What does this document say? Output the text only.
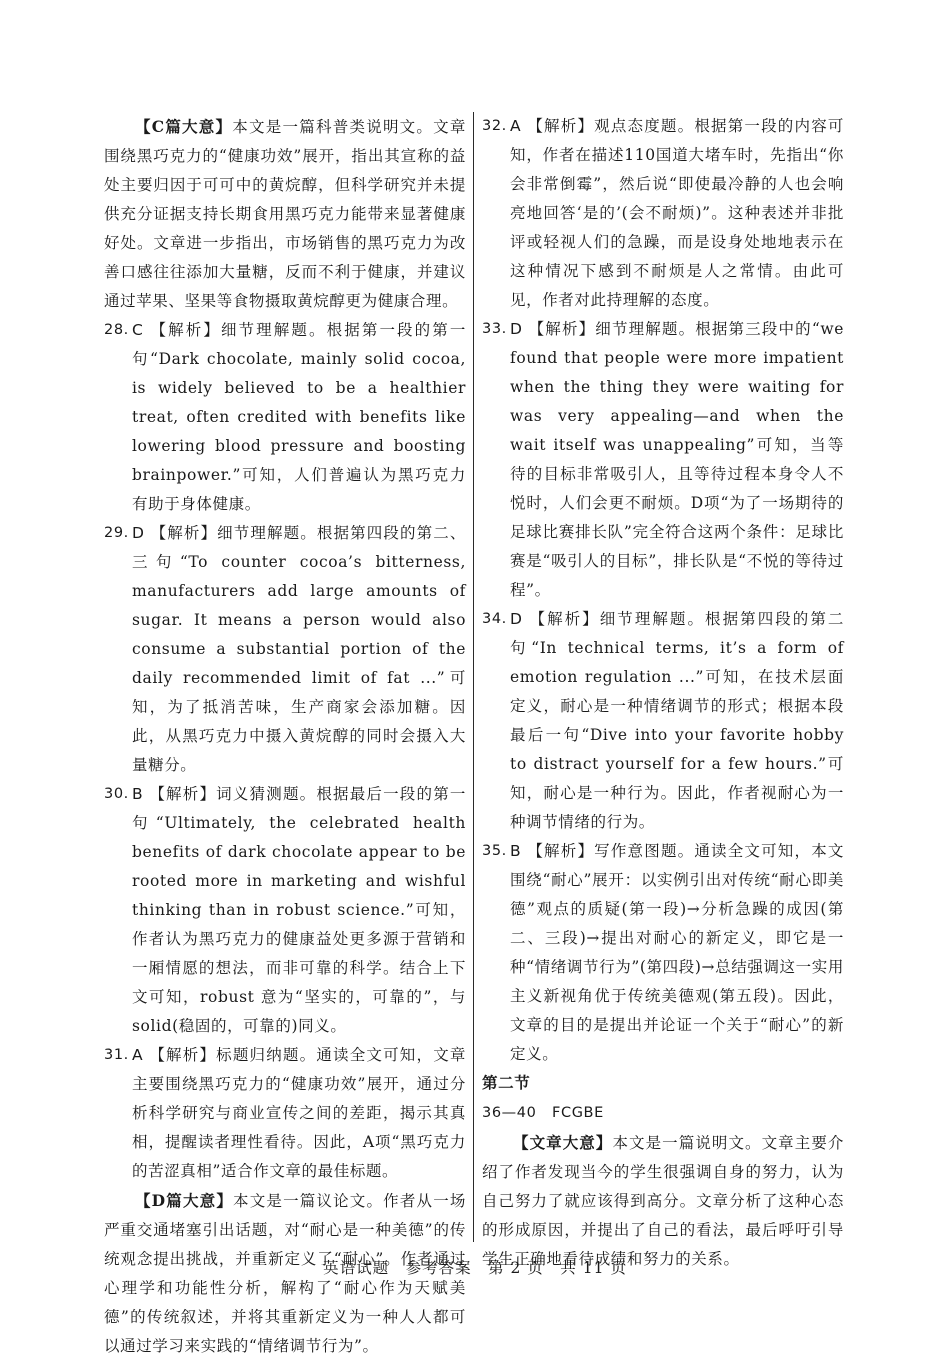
【C篇大意】本文是一篇科普类说明文。文章围绕黑巧克力的“健康功效”展开，指出其宣称的益处主要归因于可可中的黄烷醇，但科学研究并未提供充分证据支持长期食用黑巧克力能带来显著健康好处。文章进一步指出，市场销售的黑巧克力为改善口感往往添加大量糖，反而不利于健康，并建议通过苹果、坚果等食物摄取黄烷醇更为健康合理。

28. C 【解析】细节理解题。根据第一段的第一句“Dark chocolate, mainly solid cocoa, is widely believed to be a healthier treat, often credited with benefits like lowering blood pressure and boosting brainpower.”可知，人们普遍认为黑巧克力有助于身体健康。
29. D 【解析】细节理解题。根据第四段的第二、三句“To counter cocoa’s bitterness, manufacturers add large amounts of sugar. It means a person would also consume a substantial portion of the daily recommended limit of fat ...”可知，为了抵消苦味，生产商家会添加糖。因此，从黑巧克力中摄入黄烷醇的同时会摄入大量糖分。
30. B 【解析】词义猜测题。根据最后一段的第一句“Ultimately, the celebrated health benefits of dark chocolate appear to be rooted more in marketing and wishful thinking than in robust science.”可知，作者认为黑巧克力的健康益处更多源于营销和一厢情愿的想法，而非可靠的科学。结合上下文可知，robust 意为“坚实的，可靠的”，与 solid(稳固的，可靠的)同义。
31. A 【解析】标题归纳题。通读全文可知，文章主要围绕黑巧克力的“健康功效”展开，通过分析科学研究与商业宣传之间的差距，揭示其真相，提醒读者理性看待。因此，A项“黑巧克力的苦涩真相”适合作文章的最佳标题。

【D篇大意】本文是一篇议论文。作者从一场严重交通堵塞引出话题，对“耐心是一种美德”的传统观念提出挑战，并重新定义了“耐心”。作者通过心理学和功能性分析，解构了“耐心作为天赋美德”的传统叙述，并将其重新定义为一种人人都可以通过学习来实践的“情绪调节行为”。

32. A 【解析】观点态度题。根据第一段的内容可知，作者在描述110国道大堵车时，先指出“你会非常倒霉”，然后说“即使最冷静的人也会响亮地回答‘是的’(会不耐烦)”。这种表述并非批评或轻视人们的急躁，而是设身处地地表示在这种情况下感到不耐烦是人之常情。由此可见，作者对此持理解的态度。
33. D 【解析】细节理解题。根据第三段中的“we found that people were more impatient when the thing they were waiting for was very appealing—and when the wait itself was unappealing”可知，当等待的目标非常吸引人，且等待过程本身令人不悦时，人们会更不耐烦。D项“为了一场期待的足球比赛排长队”完全符合这两个条件：足球比赛是“吸引人的目标”，排长队是“不悦的等待过程”。
34. D 【解析】细节理解题。根据第四段的第二句“In technical terms, it’s a form of emotion regulation ...”可知，在技术层面定义，耐心是一种情绪调节的形式；根据本段最后一句“Dive into your favorite hobby to distract yourself for a few hours.”可知，耐心是一种行为。因此，作者视耐心为一种调节情绪的行为。
35. B 【解析】写作意图题。通读全文可知，本文围绕“耐心”展开：以实例引出对传统“耐心即美德”观点的质疑(第一段)→分析急躁的成因(第二、三段)→提出对耐心的新定义，即它是一种“情绪调节行为”(第四段)→总结强调这一实用主义新视角优于传统美德观(第五段)。因此，文章的目的是提出并论证一个关于“耐心”的新定义。

第二节

36—40 FCGBE

【文章大意】本文是一篇说明文。文章主要介绍了作者发现当今的学生很强调自身的努力，认为自己努力了就应该得到高分。文章分析了这种心态的形成原因，并提出了自己的看法，最后呼吁引导学生正确地看待成绩和努力的关系。

英语试题　参考答案　第 2 页　共 11 页
